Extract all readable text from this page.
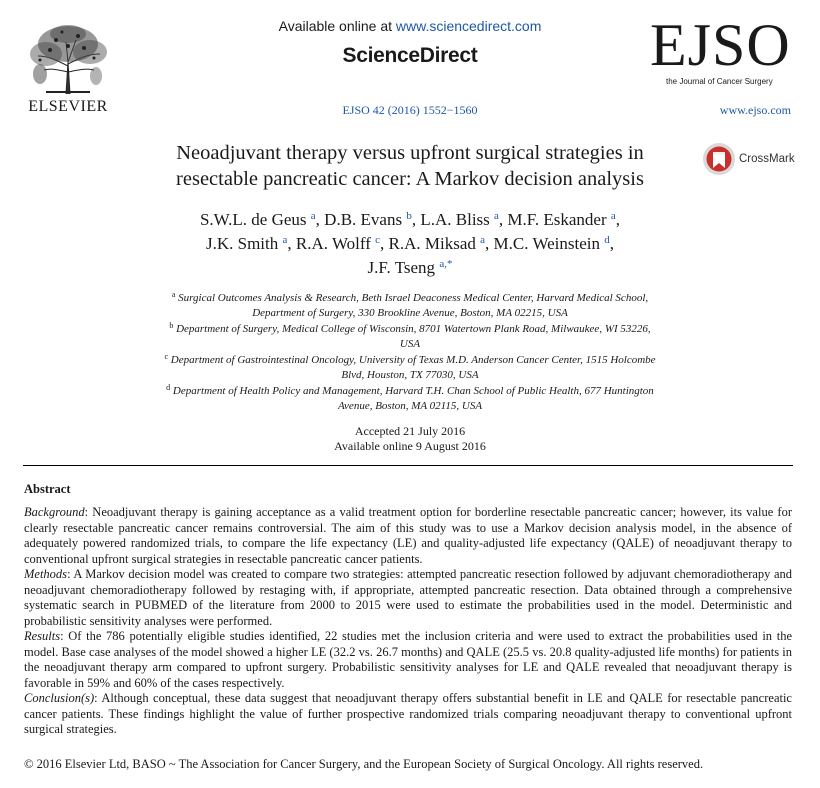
ELSEVIER
Available online at www.sciencedirect.com
ScienceDirect
EJSO 42 (2016) 1552−1560
EJSO
the Journal of Cancer Surgery
www.ejso.com
Neoadjuvant therapy versus upfront surgical strategies in
resectable pancreatic cancer: A Markov decision analysis
CrossMark
S.W.L. de Geus $^a$, D.B. Evans $^b$, L.A. Bliss $^a$, M.F. Eskander $^a$,
J.K. Smith $^a$, R.A. Wolff $^c$, R.A. Miksad $^a$, M.C. Weinstein $^d$,
J.F. Tseng $^{a,*}$
$^a$ Surgical Outcomes Analysis & Research, Beth Israel Deaconess Medical Center, Harvard Medical School,
Department of Surgery, 330 Brookline Avenue, Boston, MA 02215, USA
$^b$ Department of Surgery, Medical College of Wisconsin, 8701 Watertown Plank Road, Milwaukee, WI 53226,
USA
$^c$ Department of Gastrointestinal Oncology, University of Texas M.D. Anderson Cancer Center, 1515 Holcombe
Blvd, Houston, TX 77030, USA
$^d$ Department of Health Policy and Management, Harvard T.H. Chan School of Public Health, 677 Huntington
Avenue, Boston, MA 02115, USA
Accepted 21 July 2016
Available online 9 August 2016
Abstract

Background: Neoadjuvant therapy is gaining acceptance as a valid treatment option for borderline resectable pancreatic cancer; however, its value for clearly resectable pancreatic cancer remains controversial. The aim of this study was to use a Markov decision analysis model, in the absence of adequately powered randomized trials, to compare the life expectancy (LE) and quality-adjusted life expectancy (QALE) of neoadjuvant therapy to conventional upfront surgical strategies in resectable pancreatic cancer patients.

Methods: A Markov decision model was created to compare two strategies: attempted pancreatic resection followed by adjuvant chemoradiotherapy and neoadjuvant chemoradiotherapy followed by restaging with, if appropriate, attempted pancreatic resection. Data obtained through a comprehensive systematic search in PUBMED of the literature from 2000 to 2015 were used to estimate the probabilities used in the model. Deterministic and probabilistic sensitivity analyses were performed.

Results: Of the 786 potentially eligible studies identified, 22 studies met the inclusion criteria and were used to extract the probabilities used in the model. Base case analyses of the model showed a higher LE (32.2 vs. 26.7 months) and QALE (25.5 vs. 20.8 quality-adjusted life months) for patients in the neoadjuvant therapy arm compared to upfront surgery. Probabilistic sensitivity analyses for LE and QALE revealed that neoadjuvant therapy is favorable in 59% and 60% of the cases respectively.

Conclusion(s): Although conceptual, these data suggest that neoadjuvant therapy offers substantial benefit in LE and QALE for resectable pancreatic cancer patients. These findings highlight the value of further prospective randomized trials comparing neoadjuvant therapy to conventional upfront surgical strategies.

© 2016 Elsevier Ltd, BASO ~ The Association for Cancer Surgery, and the European Society of Surgical Oncology. All rights reserved.
